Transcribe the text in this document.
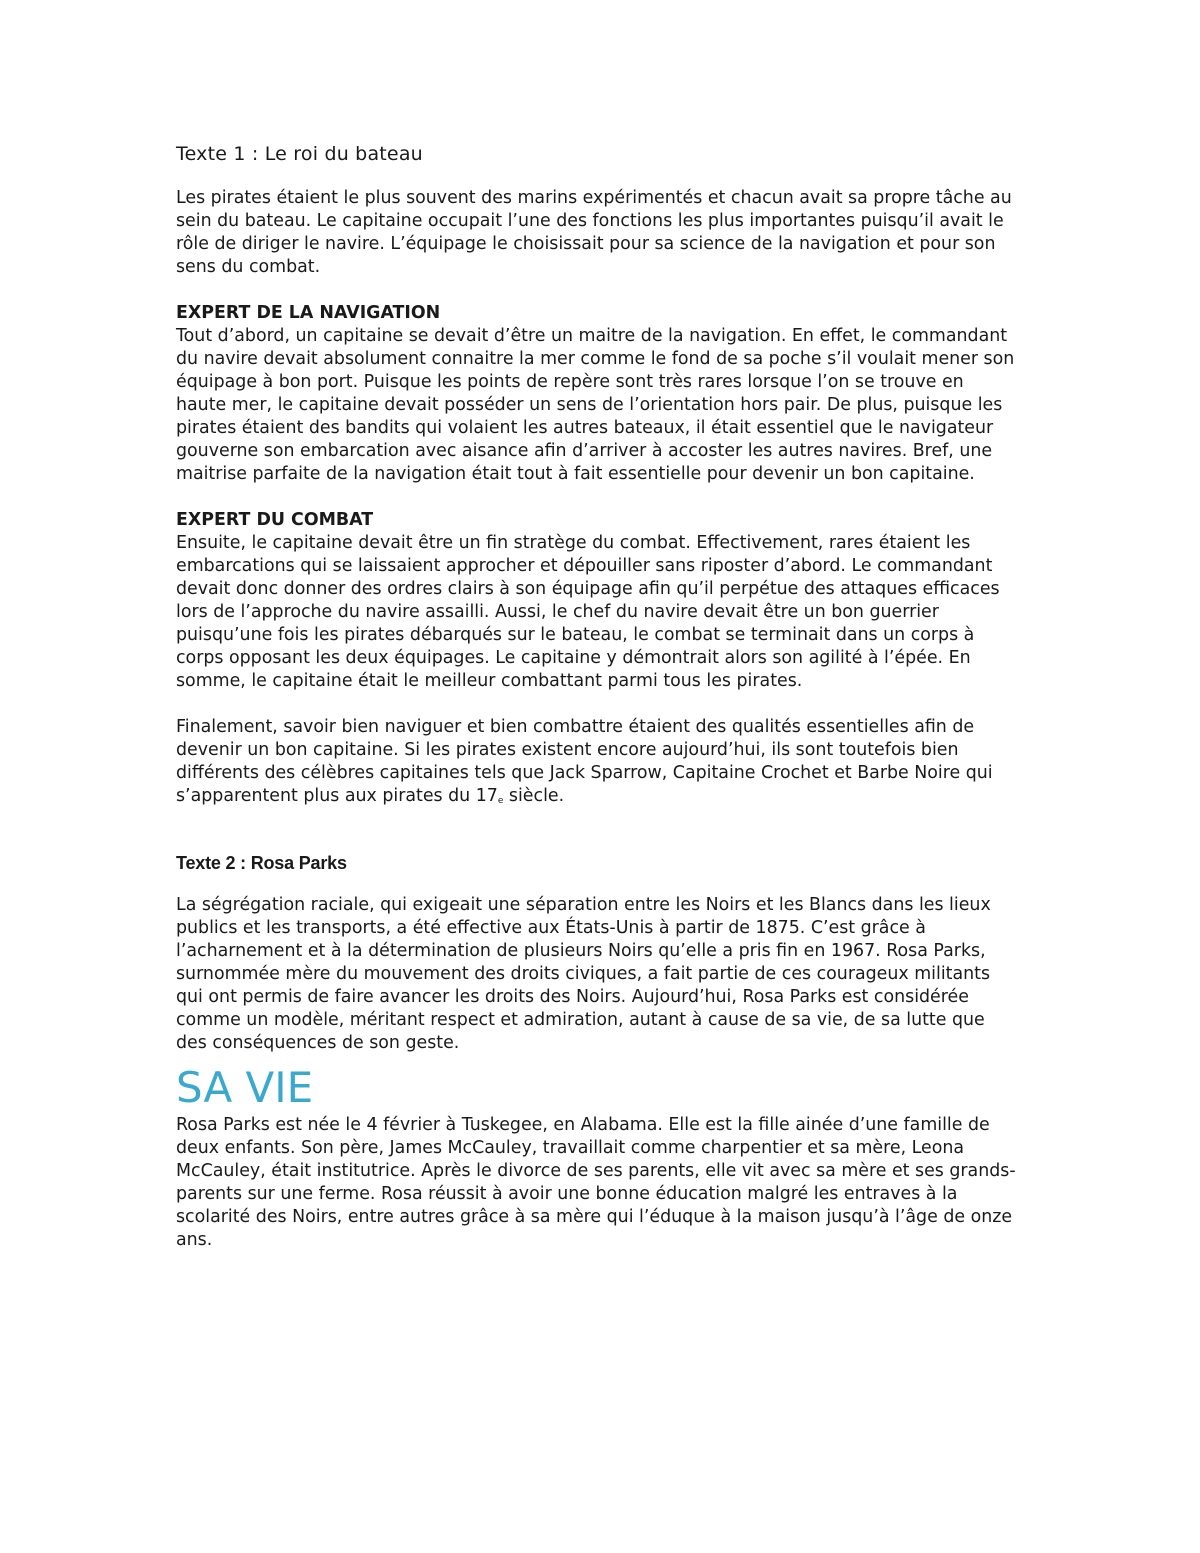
Texte 1 : Le roi du bateau

Les pirates étaient le plus souvent des marins expérimentés et chacun avait sa propre tâche au sein du bateau. Le capitaine occupait l’une des fonctions les plus importantes puisqu’il avait le rôle de diriger le navire. L’équipage le choisissait pour sa science de la navigation et pour son sens du combat.

EXPERT DE LA NAVIGATION

Tout d’abord, un capitaine se devait d’être un maitre de la navigation. En effet, le commandant du navire devait absolument connaitre la mer comme le fond de sa poche s’il voulait mener son équipage à bon port. Puisque les points de repère sont très rares lorsque l’on se trouve en haute mer, le capitaine devait posséder un sens de l’orientation hors pair. De plus, puisque les pirates étaient des bandits qui volaient les autres bateaux, il était essentiel que le navigateur gouverne son embarcation avec aisance afin d’arriver à accoster les autres navires. Bref, une maitrise parfaite de la navigation était tout à fait essentielle pour devenir un bon capitaine.

EXPERT DU COMBAT

Ensuite, le capitaine devait être un fin stratège du combat. Effectivement, rares étaient les embarcations qui se laissaient approcher et dépouiller sans riposter d’abord. Le commandant devait donc donner des ordres clairs à son équipage afin qu’il perpétue des attaques efficaces lors de l’approche du navire assailli. Aussi, le chef du navire devait être un bon guerrier puisqu’une fois les pirates débarqués sur le bateau, le combat se terminait dans un corps à corps opposant les deux équipages. Le capitaine y démontrait alors son agilité à l’épée. En somme, le capitaine était le meilleur combattant parmi tous les pirates.

Finalement, savoir bien naviguer et bien combattre étaient des qualités essentielles afin de devenir un bon capitaine. Si les pirates existent encore aujourd’hui, ils sont toutefois bien différents des célèbres capitaines tels que Jack Sparrow, Capitaine Crochet et Barbe Noire qui s’apparentent plus aux pirates du 17e siècle.

Texte 2 : Rosa Parks

La ségrégation raciale, qui exigeait une séparation entre les Noirs et les Blancs dans les lieux publics et les transports, a été effective aux États-Unis à partir de 1875. C’est grâce à l’acharnement et à la détermination de plusieurs Noirs qu’elle a pris fin en 1967. Rosa Parks, surnommée mère du mouvement des droits civiques, a fait partie de ces courageux militants qui ont permis de faire avancer les droits des Noirs. Aujourd’hui, Rosa Parks est considérée comme un modèle, méritant respect et admiration, autant à cause de sa vie, de sa lutte que des conséquences de son geste.

SA VIE

Rosa Parks est née le 4 février à Tuskegee, en Alabama. Elle est la fille ainée d’une famille de deux enfants. Son père, James McCauley, travaillait comme charpentier et sa mère, Leona McCauley, était institutrice. Après le divorce de ses parents, elle vit avec sa mère et ses grands-parents sur une ferme. Rosa réussit à avoir une bonne éducation malgré les entraves à la scolarité des Noirs, entre autres grâce à sa mère qui l’éduque à la maison jusqu’à l’âge de onze ans.
